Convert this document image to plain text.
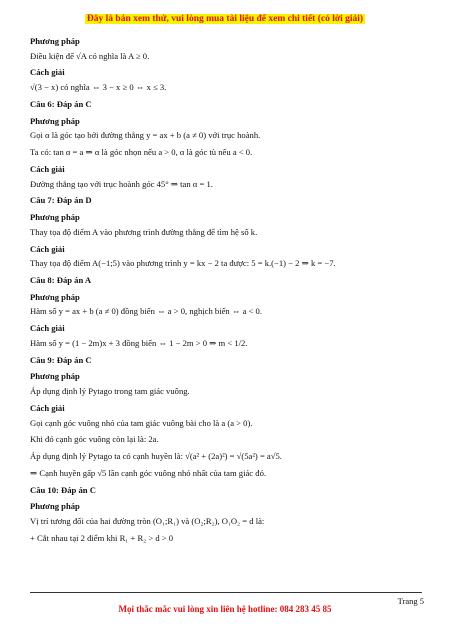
Đây là bản xem thử, vui lòng mua tài liệu để xem chi tiết (có lời giải)
Phương pháp
Điều kiện để √A có nghĩa là A ≥ 0.
Cách giải
√(3 − x) có nghĩa ⇔ 3 − x ≥ 0 ⇔ x ≤ 3.
Câu 6: Đáp án C
Phương pháp
Gọi α là góc tạo bởi đường thẳng y = ax + b (a ≠ 0) với trục hoành.
Ta có: tan α = a ⇒ α là góc nhọn nếu a > 0, α là góc tù nếu a < 0.
Cách giải
Đường thẳng tạo với trục hoành góc 45° ⇒ tan α = 1.
Câu 7: Đáp án D
Phương pháp
Thay tọa độ điểm A vào phương trình đường thẳng để tìm hệ số k.
Cách giải
Thay tọa độ điểm A(−1;5) vào phương trình y = kx − 2 ta được: 5 = k.(−1) − 2 ⇒ k = −7.
Câu 8: Đáp án A
Phương pháp
Hàm số y = ax + b (a ≠ 0) đồng biến ⇔ a > 0, nghịch biến ⇔ a < 0.
Cách giải
Hàm số y = (1 − 2m)x + 3 đồng biến ⇔ 1 − 2m > 0 ⇒ m < 1/2.
Câu 9: Đáp án C
Phương pháp
Áp dụng định lý Pytago trong tam giác vuông.
Cách giải
Gọi cạnh góc vuông nhỏ của tam giác vuông bài cho là a (a > 0).
Khi đó cạnh góc vuông còn lại là: 2a.
Áp dụng định lý Pytago ta có cạnh huyền là: √(a² + (2a)²) = √(5a²) = a√5.
⇒ Cạnh huyền gấp √5 lần cạnh góc vuông nhỏ nhất của tam giác đó.
Câu 10: Đáp án C
Phương pháp
Vị trí tương đối của hai đường tròn (O₁;R₁) và (O₂;R₂), O₁O₂ = d là:
+ Cắt nhau tại 2 điểm khi R₁ + R₂ > d > 0
Trang 5
Mọi thắc mắc vui lòng xin liên hệ hotline: 084 283 45 85
